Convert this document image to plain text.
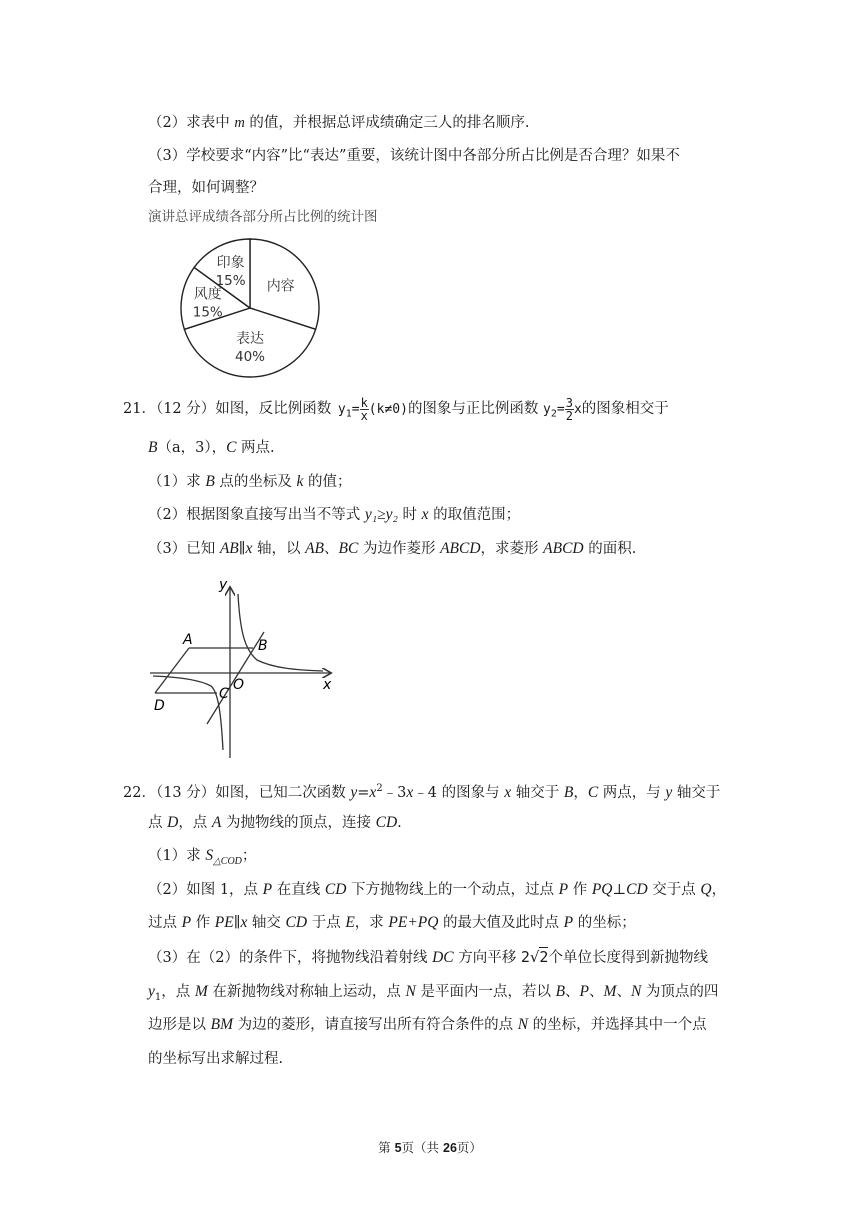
（2）求表中 m 的值，并根据总评成绩确定三人的排名顺序.
（3）学校要求“内容”比“表达”重要，该统计图中各部分所占比例是否合理？如果不
合理，如何调整？
演讲总评成绩各部分所占比例的统计图
内容
表达
40%
风度
15%
印象
15%
21．（12 分）如图，反比例函数 $y_1= \frac{k}{x} (k\ne 0)$的图象与正比例函数 $y_2= \frac{3}{2}$ x的图象相交于
B（a，3），C 两点.
（1）求 B 点的坐标及 k 的值；
（2）根据图象直接写出当不等式 y₁≥y₂ 时 x 的取值范围；
（3）已知 AB∥x 轴，以 AB、BC 为边作菱形 ABCD，求菱形 ABCD 的面积.
y
x
A	B
O
C
D
22．（13 分）如图，已知二次函数 $y=x^2﹣3x﹣4$ 的图象与 x 轴交于 B，C 两点，与 y 轴交于
点 D，点 A 为抛物线的顶点，连接 CD.
（1）求 $S_{\triangle COD}$；
（2）如图 1，点 P 在直线 CD 下方抛物线上的一个动点，过点 P 作 PQ⊥CD 交于点 Q，
过点 P 作 PE∥x 轴交 CD 于点 E，求 PE+PQ 的最大值及此时点 P 的坐标；
（3）在（2）的条件下，将抛物线沿着射线 DC 方向平移 2√2个单位长度得到新抛物线
$y_1$，点 M 在新抛物线对称轴上运动，点 N 是平面内一点，若以 B、P、M、N 为顶点的四
边形是以 BM 为边的菱形，请直接写出所有符合条件的点 N 的坐标，并选择其中一个点
的坐标写出求解过程.
第 5页（共 26页）
